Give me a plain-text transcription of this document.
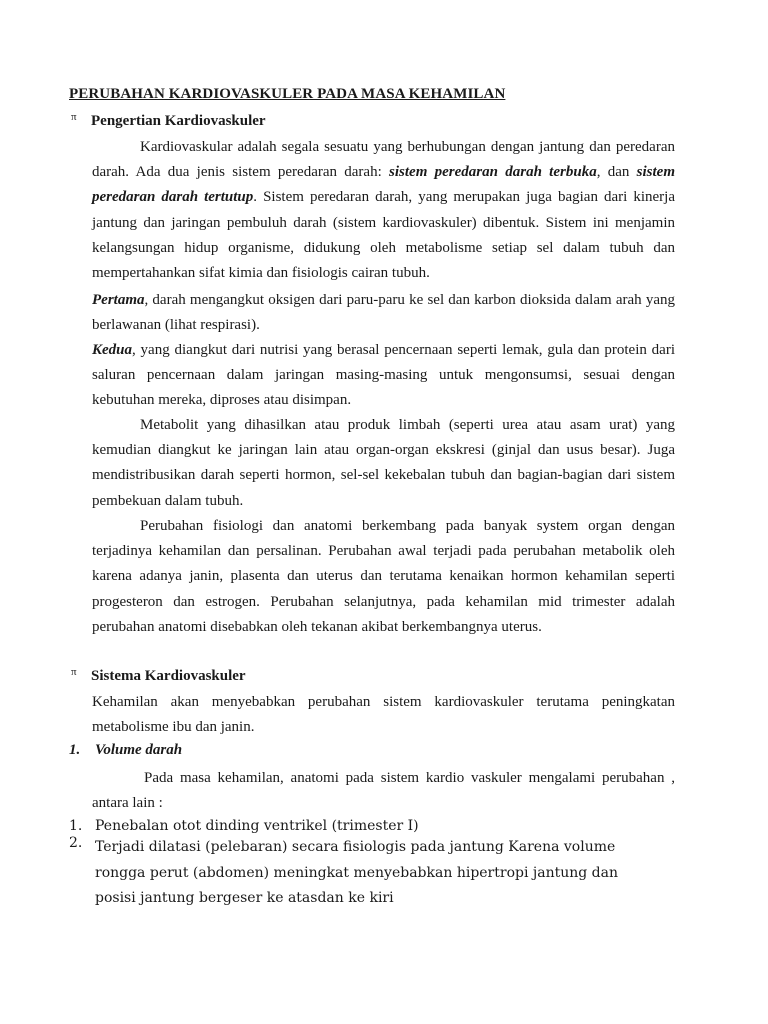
PERUBAHAN KARDIOVASKULER PADA MASA KEHAMILAN
π Pengertian Kardiovaskuler
Kardiovaskular adalah segala sesuatu yang berhubungan dengan jantung dan peredaran darah. Ada dua jenis sistem peredaran darah: sistem peredaran darah terbuka, dan sistem peredaran darah tertutup. Sistem peredaran darah, yang merupakan juga bagian dari kinerja jantung dan jaringan pembuluh darah (sistem kardiovaskuler) dibentuk. Sistem ini menjamin kelangsungan hidup organisme, didukung oleh metabolisme setiap sel dalam tubuh dan mempertahankan sifat kimia dan fisiologis cairan tubuh.
Pertama, darah mengangkut oksigen dari paru-paru ke sel dan karbon dioksida dalam arah yang berlawanan (lihat respirasi).
Kedua, yang diangkut dari nutrisi yang berasal pencernaan seperti lemak, gula dan protein dari saluran pencernaan dalam jaringan masing-masing untuk mengonsumsi, sesuai dengan kebutuhan mereka, diproses atau disimpan.
Metabolit yang dihasilkan atau produk limbah (seperti urea atau asam urat) yang kemudian diangkut ke jaringan lain atau organ-organ ekskresi (ginjal dan usus besar). Juga mendistribusikan darah seperti hormon, sel-sel kekebalan tubuh dan bagian-bagian dari sistem pembekuan dalam tubuh.
Perubahan fisiologi dan anatomi berkembang pada banyak system organ dengan terjadinya kehamilan dan persalinan. Perubahan awal terjadi pada perubahan metabolik oleh karena adanya janin, plasenta dan uterus dan terutama kenaikan hormon kehamilan seperti progesteron dan estrogen. Perubahan selanjutnya, pada kehamilan mid trimester adalah perubahan anatomi disebabkan oleh tekanan akibat berkembangnya uterus.
π Sistema Kardiovaskuler
Kehamilan akan menyebabkan perubahan sistem kardiovaskuler terutama peningkatan metabolisme ibu dan janin.
1. Volume darah
Pada masa kehamilan, anatomi pada sistem kardio vaskuler mengalami perubahan , antara lain :
1. Penebalan otot dinding ventrikel (trimester I)
2. Terjadi dilatasi (pelebaran) secara fisiologis pada jantung Karena volume rongga perut (abdomen) meningkat menyebabkan hipertropi jantung dan posisi jantung bergeser ke atasdan ke kiri
